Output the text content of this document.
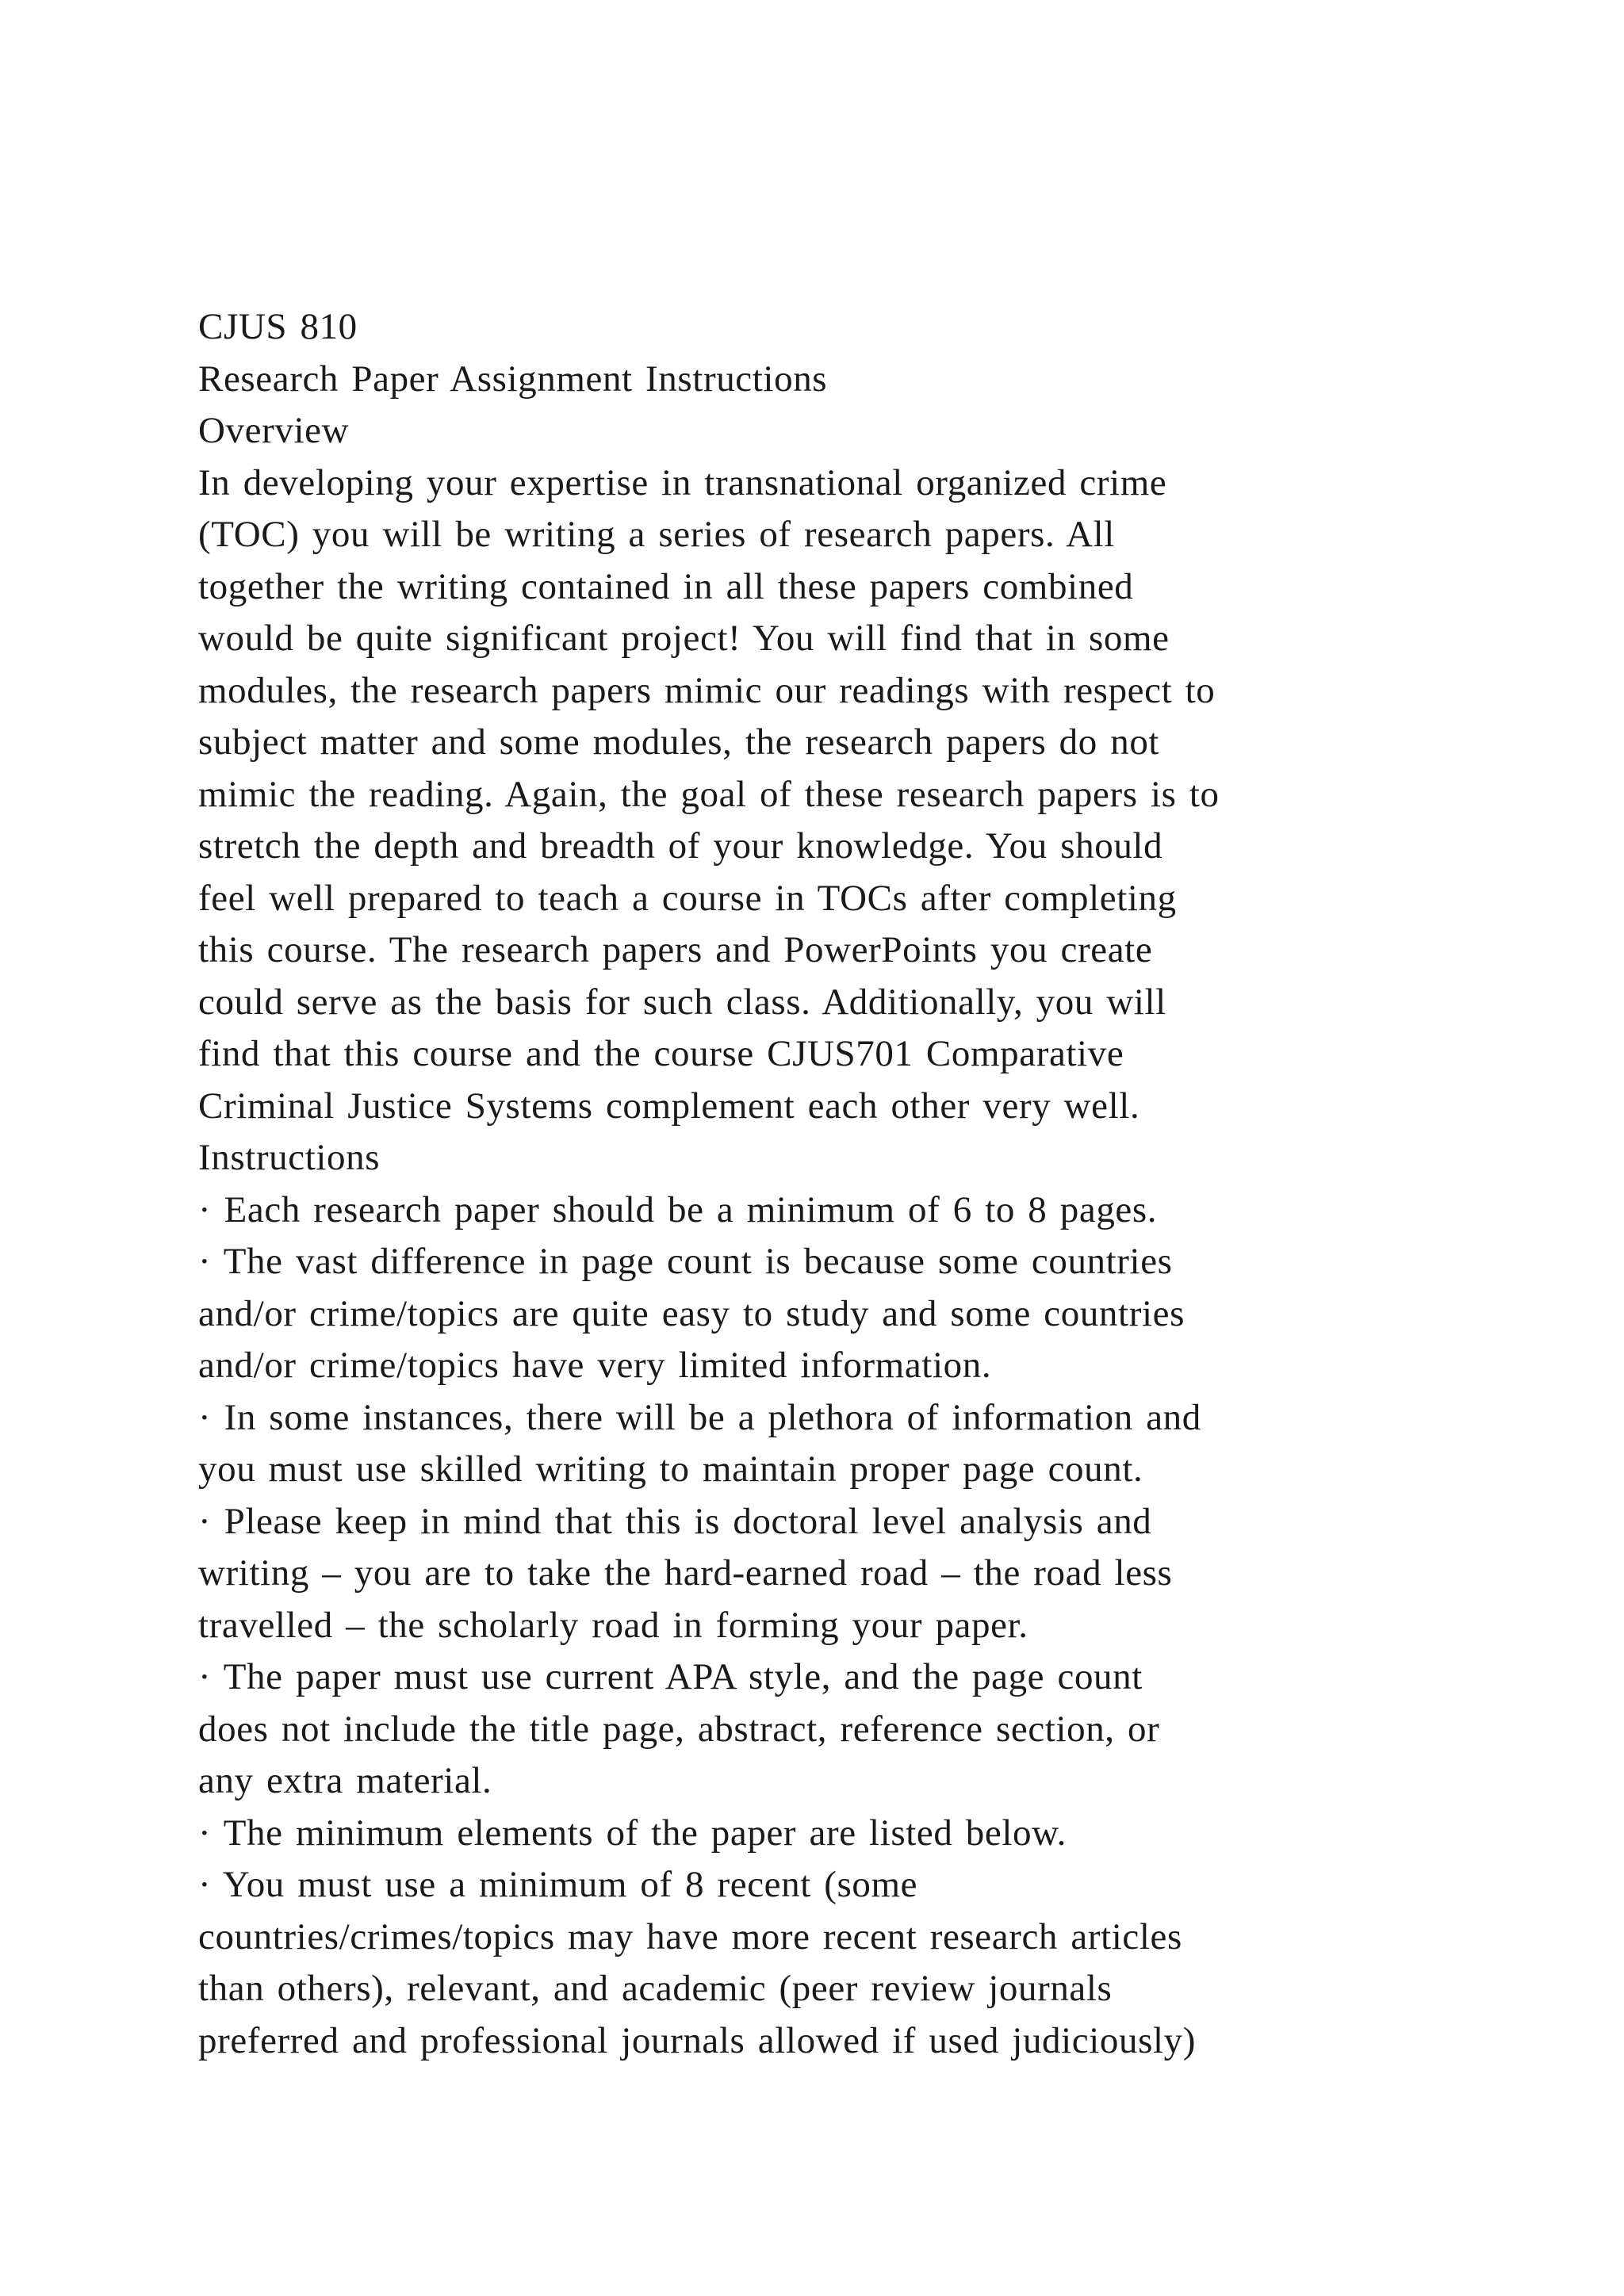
CJUS 810
Research Paper Assignment Instructions
Overview
In developing your expertise in transnational organized crime
(TOC) you will be writing a series of research papers. All
together the writing contained in all these papers combined
would be quite significant project! You will find that in some
modules, the research papers mimic our readings with respect to
subject matter and some modules, the research papers do not
mimic the reading. Again, the goal of these research papers is to
stretch the depth and breadth of your knowledge. You should
feel well prepared to teach a course in TOCs after completing
this course. The research papers and PowerPoints you create
could serve as the basis for such class. Additionally, you will
find that this course and the course CJUS701 Comparative
Criminal Justice Systems complement each other very well.
Instructions
· Each research paper should be a minimum of 6 to 8 pages.
· The vast difference in page count is because some countries
and/or crime/topics are quite easy to study and some countries
and/or crime/topics have very limited information.
· In some instances, there will be a plethora of information and
you must use skilled writing to maintain proper page count.
· Please keep in mind that this is doctoral level analysis and
writing – you are to take the hard-earned road – the road less
travelled – the scholarly road in forming your paper.
· The paper must use current APA style, and the page count
does not include the title page, abstract, reference section, or
any extra material.
· The minimum elements of the paper are listed below.
· You must use a minimum of 8 recent (some
countries/crimes/topics may have more recent research articles
than others), relevant, and academic (peer review journals
preferred and professional journals allowed if used judiciously)
